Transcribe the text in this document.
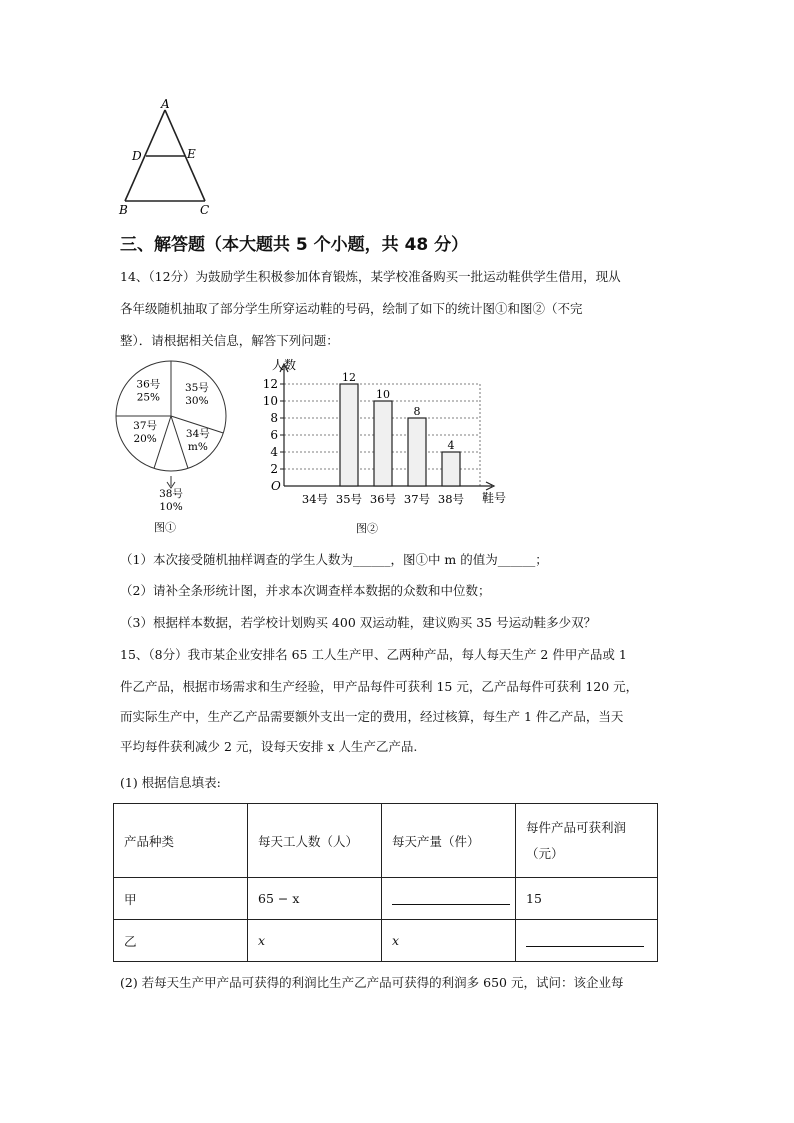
A
D	E
B	C
三、解答题（本大题共 5 个小题，共 48 分）
14、（12分）为鼓励学生积极参加体育锻炼，某学校准备购买一批运动鞋供学生借用，现从
各年级随机抽取了部分学生所穿运动鞋的号码，绘制了如下的统计图①和图②（不完
整）．请根据相关信息，解答下列问题：
36号
25%
35号
30%
34号
m%
38号
10%
37号
20%
图①
2
4
6
8
10
12
人数
鞋号
O
34号 35号
12
36号
10
37号
8
38号
4
图②
（1）本次接受随机抽样调查的学生人数为______，图①中 m 的值为______；
（2）请补全条形统计图，并求本次调查样本数据的众数和中位数；
（3）根据样本数据，若学校计划购买 400 双运动鞋，建议购买 35 号运动鞋多少双？
15、（8分）我市某企业安排名 65 工人生产甲、乙两种产品，每人每天生产 2 件甲产品或 1
件乙产品，根据市场需求和生产经验，甲产品每件可获利 15 元，乙产品每件可获利 120 元，
而实际生产中，生产乙产品需要额外支出一定的费用，经过核算，每生产 1 件乙产品，当天
平均每件获利减少 2 元，设每天安排 x 人生产乙产品.
(1) 根据信息填表:
产品种类	每天工人数（人）	每天产量（件）	每件产品可获利润（元）
甲	65 − x		15
乙	x	x	
(2) 若每天生产甲产品可获得的利润比生产乙产品可获得的利润多 650 元，试问：该企业每
